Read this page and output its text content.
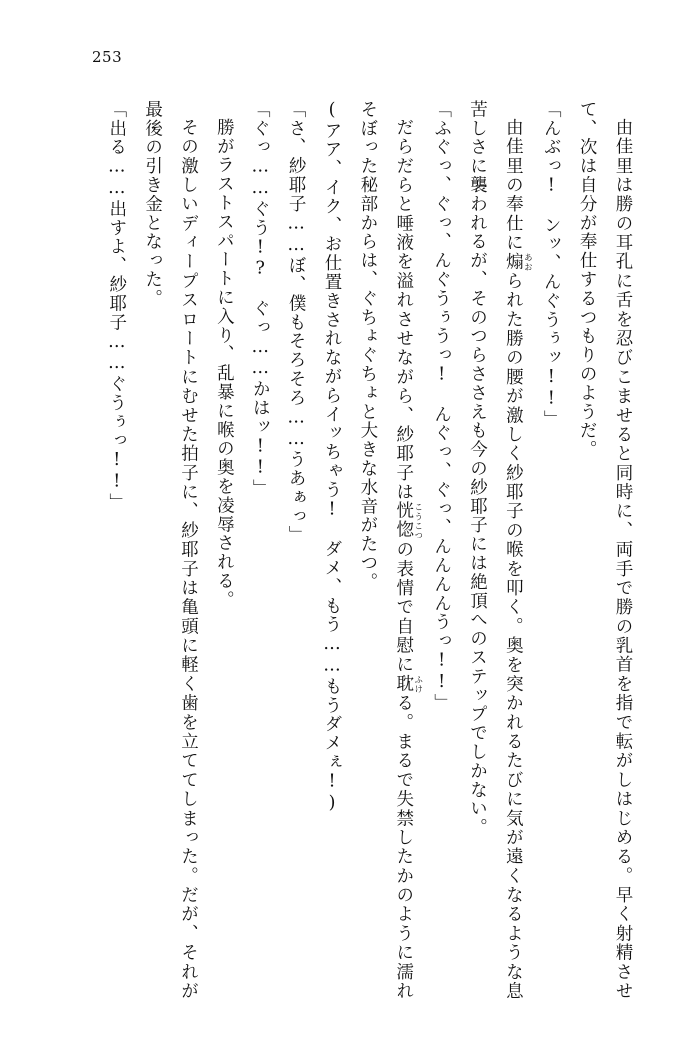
253

由佳里は勝の耳孔に舌を忍びこませると同時に、両手で勝の乳首を指で転がしはじめる。早く射精させて、次は自分が奉仕するつもりのようだ。

「んぶっ!　ンッ、んぐうぅッ!!」

由佳里の奉仕に煽 あおられた勝の腰が激しく紗耶子の喉を叩く。奥を突かれるたびに気が遠くなるような息苦しさに襲われるが、そのつらささえも今の紗耶子には絶頂へのステップでしかない。

「ふぐっ、ぐっ、んぐうぅうっ!　んぐっ、ぐっ、んんんんうっ!!」

だらだらと唾液を溢れさせながら、紗耶子は恍惚 こうこつの表情で自慰に耽 ふける。まるで失禁したかのように濡れそぼった秘部からは、ぐちょぐちょと大きな水音がたつ。

(アア、イク、お仕置きされながらイッちゃう!　ダメ、もう……もうダメぇ!)

「さ、紗耶子……ぼ、僕もそろそろ……うあぁっ」

「ぐっ……ぐう!?　ぐっ……かはッ!!」

勝がラストスパートに入り、乱暴に喉の奥を凌辱される。

その激しいディープスロートにむせた拍子に、紗耶子は亀頭に軽く歯を立ててしまった。だが、それが最後の引き金となった。

「出る……出すよ、紗耶子……ぐうぅっ!!」
